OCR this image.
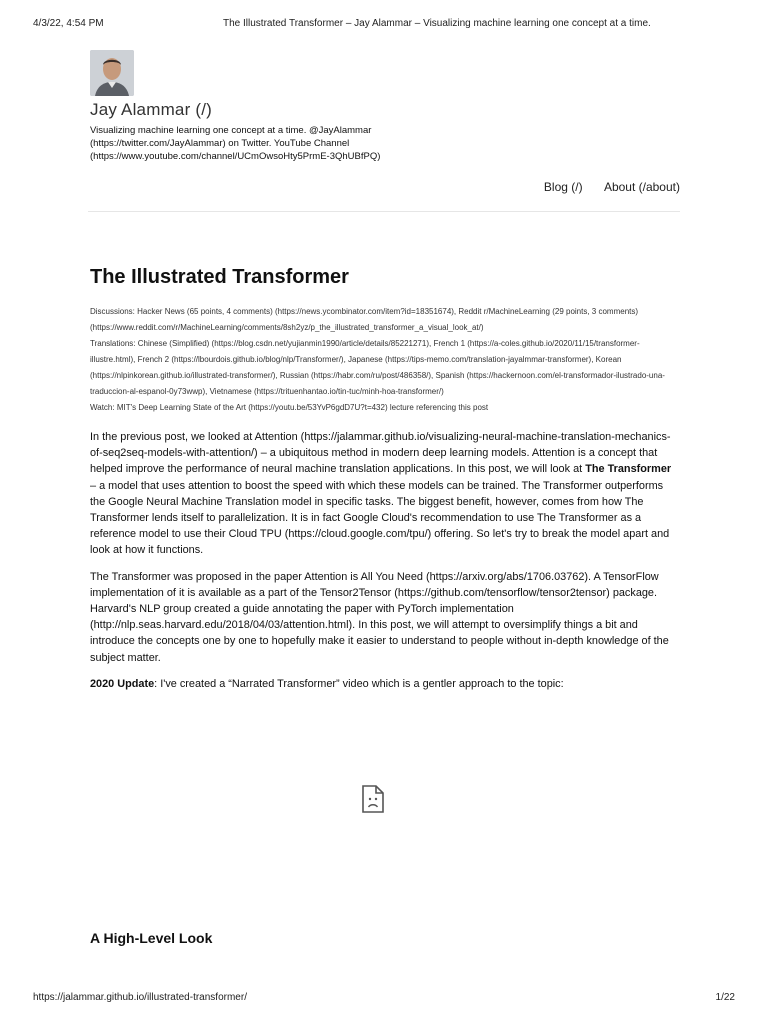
4/3/22, 4:54 PM	The Illustrated Transformer – Jay Alammar – Visualizing machine learning one concept at a time.
Jay Alammar (/)
Visualizing machine learning one concept at a time. @JayAlammar (https://twitter.com/JayAlammar) on Twitter. YouTube Channel (https://www.youtube.com/channel/UCmOwsoHty5PrmE-3QhUBfPQ)
Blog (/) About (/about)
The Illustrated Transformer

Discussions: Hacker News (65 points, 4 comments) (https://news.ycombinator.com/item?id=18351674), Reddit r/MachineLearning (29 points, 3 comments) (https://www.reddit.com/r/MachineLearning/comments/8sh2yz/p_the_illustrated_transformer_a_visual_look_at/)

Translations: Chinese (Simplified) (https://blog.csdn.net/yujianmin1990/article/details/85221271), French 1 (https://a-coles.github.io/2020/11/15/transformer-illustre.html), French 2 (https://lbourdois.github.io/blog/nlp/Transformer/), Japanese (https://tips-memo.com/translation-jayalmmar-transformer), Korean (https://nlpinkorean.github.io/illustrated-transformer/), Russian (https://habr.com/ru/post/486358/), Spanish (https://hackernoon.com/el-transformador-ilustrado-una-traduccion-al-espanol-0y73wwp), Vietnamese (https://trituenhantao.io/tin-tuc/minh-hoa-transformer/)

Watch: MIT's Deep Learning State of the Art (https://youtu.be/53YvP6gdD7U?t=432) lecture referencing this post

In the previous post, we looked at Attention (https://jalammar.github.io/visualizing-neural-machine-translation-mechanics-of-seq2seq-models-with-attention/) – a ubiquitous method in modern deep learning models. Attention is a concept that helped improve the performance of neural machine translation applications. In this post, we will look at The Transformer – a model that uses attention to boost the speed with which these models can be trained. The Transformer outperforms the Google Neural Machine Translation model in specific tasks. The biggest benefit, however, comes from how The Transformer lends itself to parallelization. It is in fact Google Cloud's recommendation to use The Transformer as a reference model to use their Cloud TPU (https://cloud.google.com/tpu/) offering. So let's try to break the model apart and look at how it functions.

The Transformer was proposed in the paper Attention is All You Need (https://arxiv.org/abs/1706.03762). A TensorFlow implementation of it is available as a part of the Tensor2Tensor (https://github.com/tensorflow/tensor2tensor) package. Harvard's NLP group created a guide annotating the paper with PyTorch implementation (http://nlp.seas.harvard.edu/2018/04/03/attention.html). In this post, we will attempt to oversimplify things a bit and introduce the concepts one by one to hopefully make it easier to understand to people without in-depth knowledge of the subject matter.

2020 Update: I've created a “Narrated Transformer” video which is a gentler approach to the topic:

A High-Level Look
https://jalammar.github.io/illustrated-transformer/	1/22
